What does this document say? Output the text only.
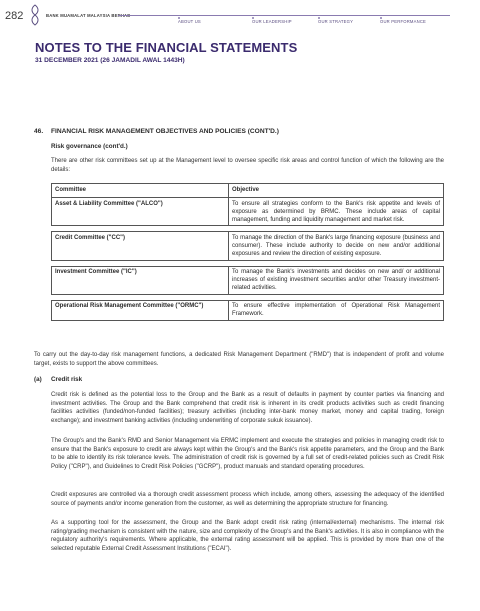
282	BANK MUAMALAT MALAYSIA BERHAD
ABOUT US	OUR LEADERSHIP	OUR STRATEGY	OUR PERFORMANCE
NOTES TO THE FINANCIAL STATEMENTS
31 DECEMBER 2021 (26 JAMADIL AWAL 1443H)
46. FINANCIAL RISK MANAGEMENT OBJECTIVES AND POLICIES (CONT'D.)
Risk governance (cont'd.)
There are other risk committees set up at the Management level to oversee specific risk areas and control function of which the following are the details:
Committee	Objective
Asset & Liability Committee ("ALCO")	To ensure all strategies conform to the Bank's risk appetite and levels of exposure as determined by BRMC. These include areas of capital management, funding and liquidity management and market risk.

Credit Committee ("CC")	To manage the direction of the Bank's large financing exposure (business and consumer). These include authority to decide on new and/or additional exposures and review the direction of existing exposure.

Investment Committee ("IC")	To manage the Bank's investments and decides on new and/ or additional increases of existing investment securities and/or other Treasury investment-related activities.

Operational Risk Management Committee ("ORMC")	To ensure effective implementation of Operational Risk Management Framework.
To carry out the day-to-day risk management functions, a dedicated Risk Management Department ("RMD") that is independent of profit and volume target, exists to support the above committees.
(a) Credit risk
Credit risk is defined as the potential loss to the Group and the Bank as a result of defaults in payment by counter parties via financing and investment activities. The Group and the Bank comprehend that credit risk is inherent in its credit products activities such as credit financing facilities activities (funded/non-funded facilities); treasury activities (including inter-bank money market, money and capital trading, foreign exchange); and investment banking activities (including underwriting of corporate sukuk issuance).
The Group's and the Bank's RMD and Senior Management via ERMC implement and execute the strategies and policies in managing credit risk to ensure that the Bank's exposure to credit are always kept within the Group's and the Bank's risk appetite parameters, and the Group and the Bank to be able to identify its risk tolerance levels. The administration of credit risk is governed by a full set of credit-related policies such as Credit Risk Policy ("CRP"), and Guidelines to Credit Risk Policies ("GCRP"), product manuals and standard operating procedures.
Credit exposures are controlled via a thorough credit assessment process which include, among others, assessing the adequacy of the identified source of payments and/or income generation from the customer, as well as determining the appropriate structure for financing.
As a supporting tool for the assessment, the Group and the Bank adopt credit risk rating (internal/external) mechanisms. The internal risk rating/grading mechanism is consistent with the nature, size and complexity of the Group's and the Bank's activities. It is also in compliance with the regulatory authority's requirements. Where applicable, the external rating assessment will be applied. This is provided by more than one of the selected reputable External Credit Assessment Institutions ("ECAI").
